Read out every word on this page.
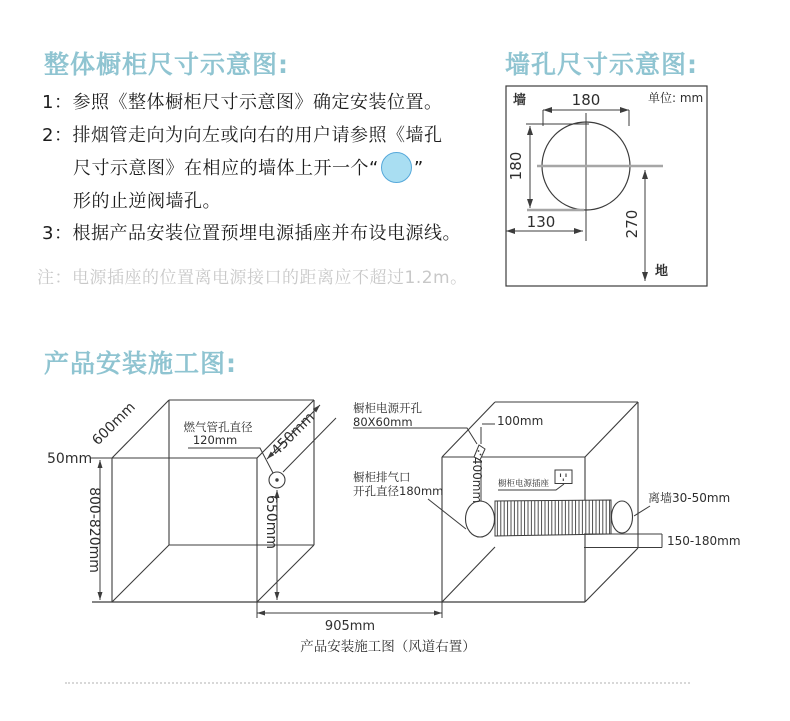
整体橱柜尺寸示意图:
1：参照《整体橱柜尺寸示意图》确定安装位置。
2：排烟管走向为向左或向右的用户请参照《墙孔
尺寸示意图》在相应的墙体上开一个“ ”
形的止逆阀墙孔。
3：根据产品安装位置预埋电源插座并布设电源线。
注：电源插座的位置离电源接口的距离应不超过1.2m。
墙孔尺寸示意图:
墙	单位: mm
180
180
270
130
地
产品安装施工图:
600mm
50mm
800-820mm
450mm
燃气管孔直径
120mm
650mm
橱柜电源开孔
80X60mm	100mm
400mm 橱柜电源插座
橱柜排气口
开孔直径180mm	离墙30-50mm
150-180mm
905mm
产品安装施工图（风道右置）
